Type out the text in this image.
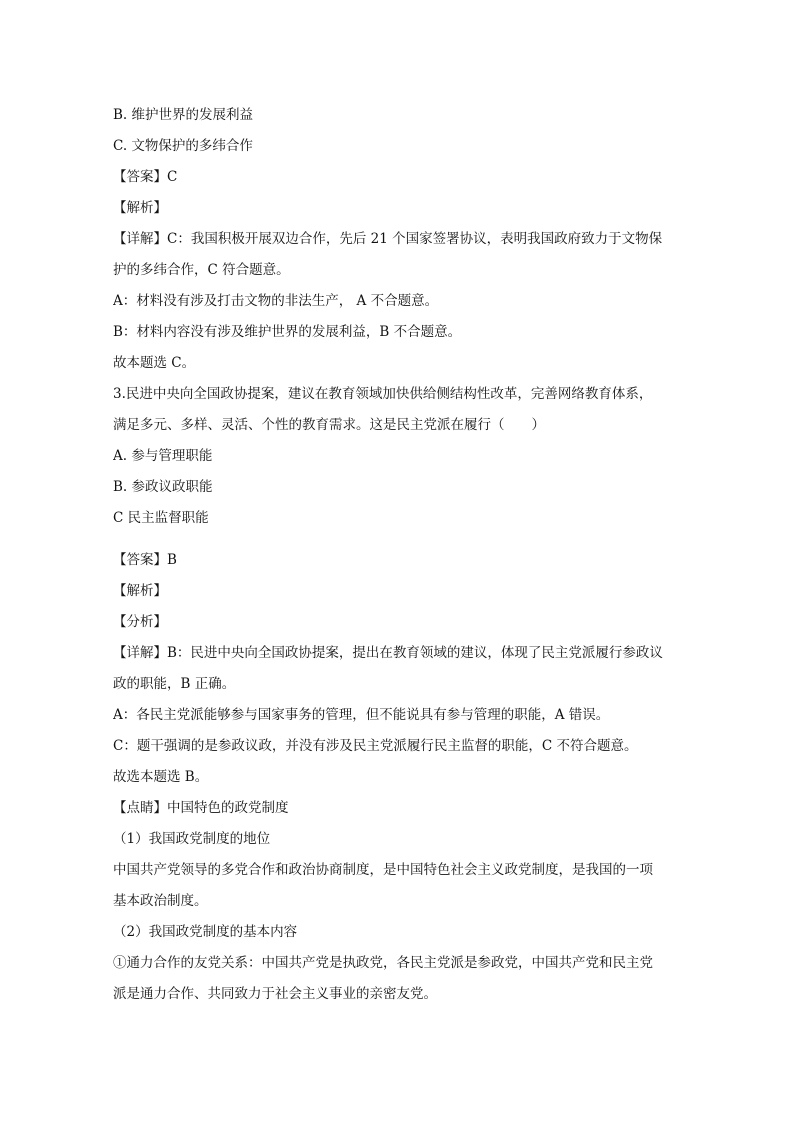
B. 维护世界的发展利益
C. 文物保护的多纬合作
【答案】C
【解析】
【详解】C：我国积极开展双边合作，先后 21 个国家签署协议，表明我国政府致力于文物保
护的多纬合作，C 符合题意。
A：材料没有涉及打击文物的非法生产， A 不合题意。
B：材料内容没有涉及维护世界的发展利益，B 不合题意。
故本题选 C。
3.民进中央向全国政协提案，建议在教育领域加快供给侧结构性改革，完善网络教育体系，
满足多元、多样、灵活、个性的教育需求。这是民主党派在履行（　　）
A. 参与管理职能
B. 参政议政职能
C 民主监督职能
【答案】B
【解析】
【分析】
【详解】B：民进中央向全国政协提案，提出在教育领域的建议，体现了民主党派履行参政议
政的职能，B 正确。
A：各民主党派能够参与国家事务的管理，但不能说具有参与管理的职能，A 错误。
C：题干强调的是参政议政，并没有涉及民主党派履行民主监督的职能，C 不符合题意。
故选本题选 B。
【点睛】中国特色的政党制度
（1）我国政党制度的地位
中国共产党领导的多党合作和政治协商制度，是中国特色社会主义政党制度，是我国的一项
基本政治制度。
（2）我国政党制度的基本内容
①通力合作的友党关系：中国共产党是执政党，各民主党派是参政党，中国共产党和民主党
派是通力合作、共同致力于社会主义事业的亲密友党。
